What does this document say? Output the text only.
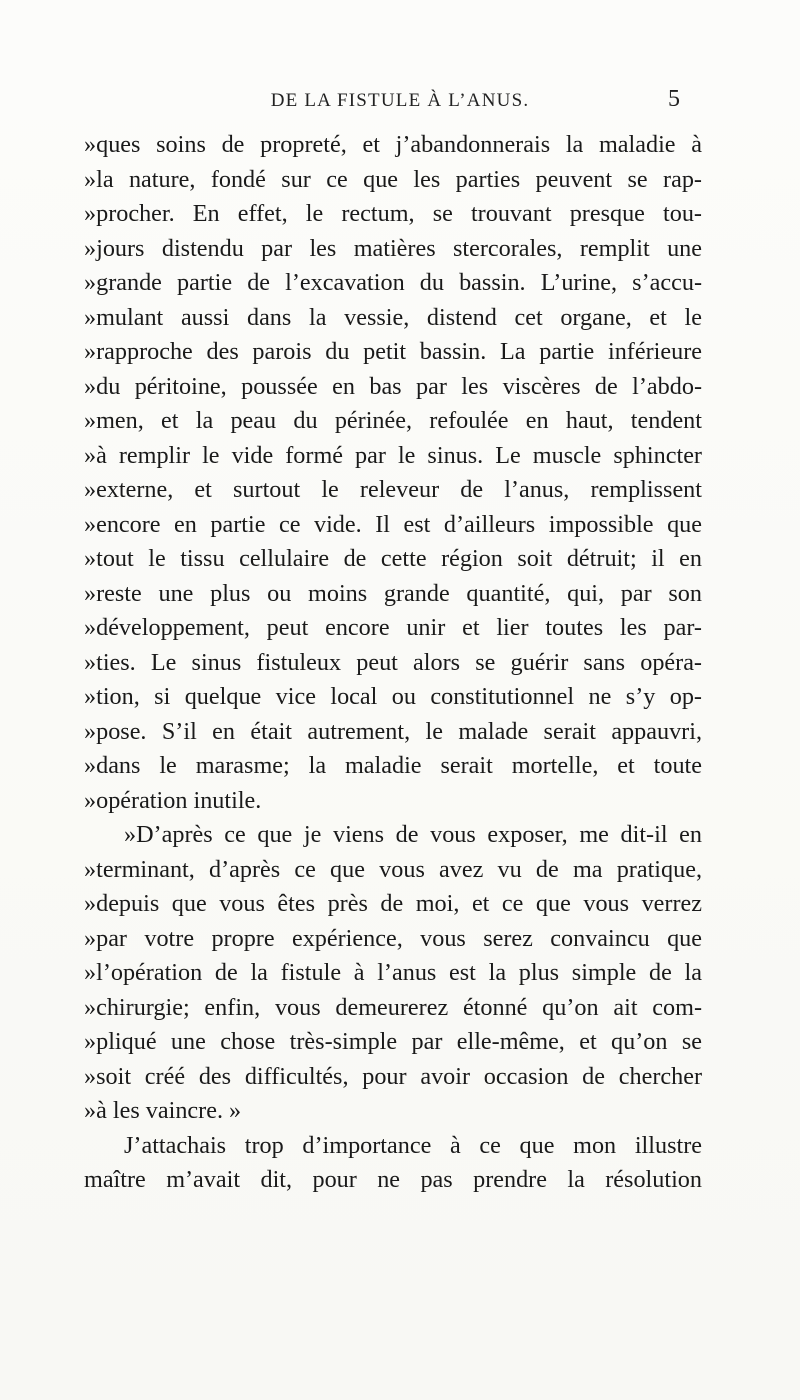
DE LA FISTULE À L’ANUS.	5
»ques soins de propreté, et j’abandonnerais la maladie à
»la nature, fondé sur ce que les parties peuvent se rap-
»procher. En effet, le rectum, se trouvant presque tou-
»jours distendu par les matières stercorales, remplit une
»grande partie de l’excavation du bassin. L’urine, s’accu-
»mulant aussi dans la vessie, distend cet organe, et le
»rapproche des parois du petit bassin. La partie inférieure
»du péritoine, poussée en bas par les viscères de l’abdo-
»men, et la peau du périnée, refoulée en haut, tendent
»à remplir le vide formé par le sinus. Le muscle sphincter
»externe, et surtout le releveur de l’anus, remplissent
»encore en partie ce vide. Il est d’ailleurs impossible que
»tout le tissu cellulaire de cette région soit détruit; il en
»reste une plus ou moins grande quantité, qui, par son
»développement, peut encore unir et lier toutes les par-
»ties. Le sinus fistuleux peut alors se guérir sans opéra-
»tion, si quelque vice local ou constitutionnel ne s’y op-
»pose. S’il en était autrement, le malade serait appauvri,
»dans le marasme; la maladie serait mortelle, et toute
»opération inutile.
»D’après ce que je viens de vous exposer, me dit-il en
»terminant, d’après ce que vous avez vu de ma pratique,
»depuis que vous êtes près de moi, et ce que vous verrez
»par votre propre expérience, vous serez convaincu que
»l’opération de la fistule à l’anus est la plus simple de la
»chirurgie; enfin, vous demeurerez étonné qu’on ait com-
»pliqué une chose très-simple par elle-même, et qu’on se
»soit créé des difficultés, pour avoir occasion de chercher
»à les vaincre. »
J’attachais trop d’importance à ce que mon illustre
maître m’avait dit, pour ne pas prendre la résolution
